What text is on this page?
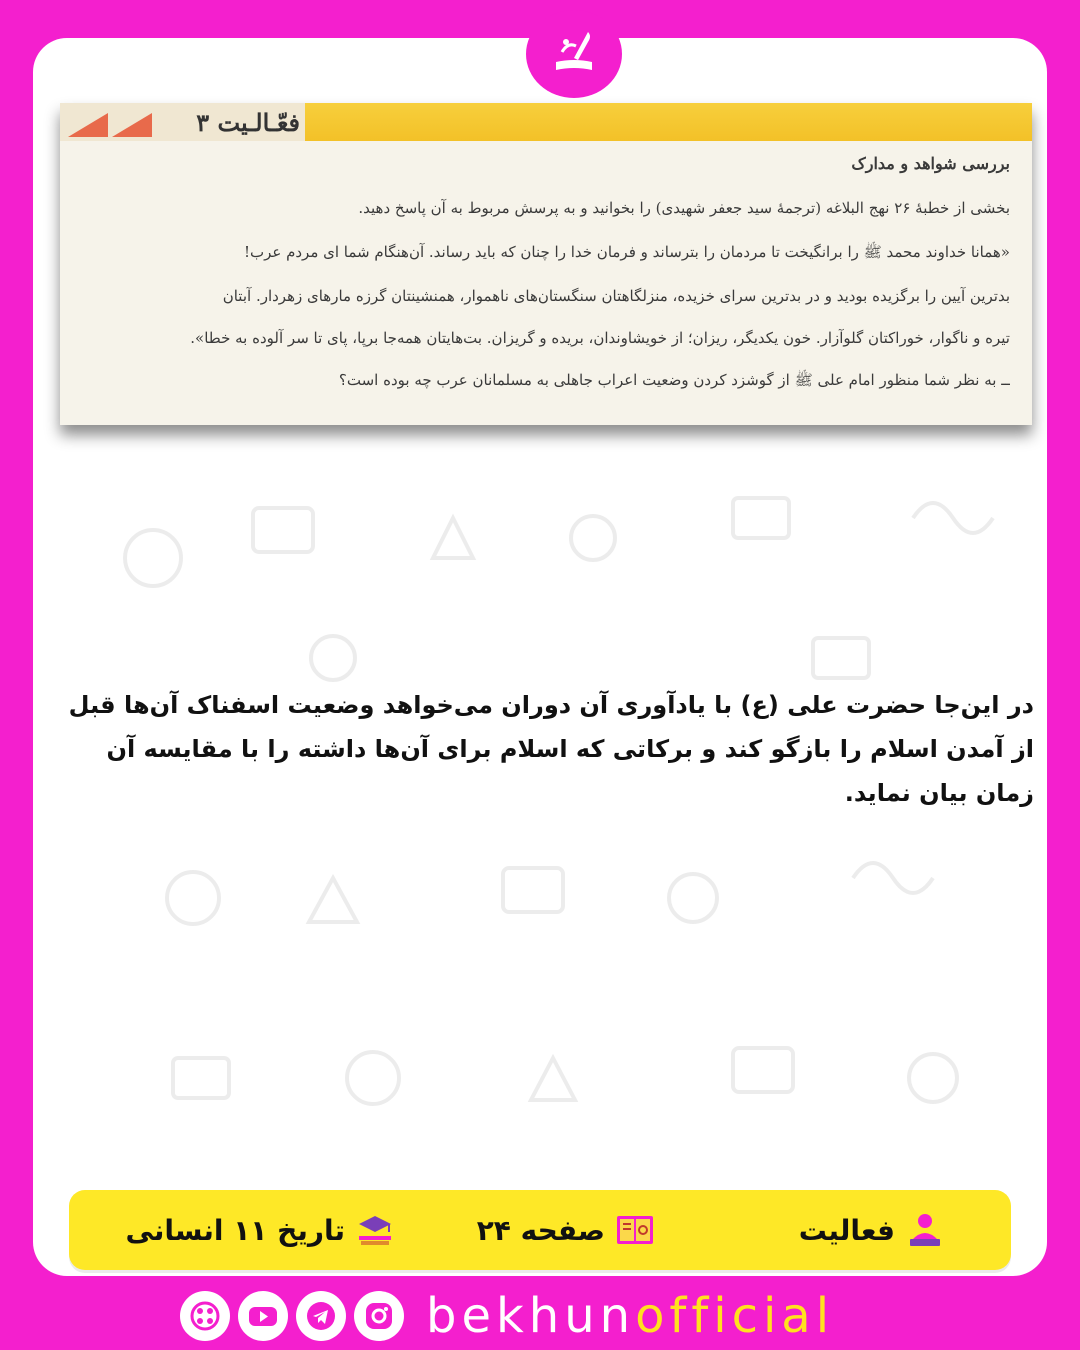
فعّـالـیت ۳
بررسی شواهد و مدارک
بخشی از خطبهٔ ۲۶ نهج البلاغه (ترجمهٔ سید جعفر شهیدی) را بخوانید و به پرسش مربوط به آن پاسخ دهید.
«همانا خداوند محمد ﷺ را برانگیخت تا مردمان را بترساند و فرمان خدا را چنان که باید رساند. آن‌هنگام شما ای مردم عرب!
بدترین آیین را برگزیده بودید و در بدترین سرای خزیده، منزلگاهتان سنگستان‌های ناهموار، همنشینتان گرزه مارهای زهردار. آبتان
تیره و ناگوار، خوراکتان گلوآزار. خون یکدیگر، ریزان؛ از خویشاوندان، بریده و گریزان. بت‌هایتان همه‌جا برپا، پای تا سر آلوده به خطا».
ــ به نظر شما منظور امام علی ﷺ از گوشزد کردن وضعیت اعراب جاهلی به مسلمانان عرب چه بوده است؟
در این‌جا حضرت علی (ع) با یادآوری آن دوران می‌خواهد وضعیت اسفناک آن‌ها قبل از آمدن اسلام را بازگو کند و برکاتی که اسلام برای آن‌ها داشته را با مقایسه آن زمان بیان نماید.
فعالیت
صفحه ۲۴
تاریخ ۱۱ انسانی
bekhunofficial
